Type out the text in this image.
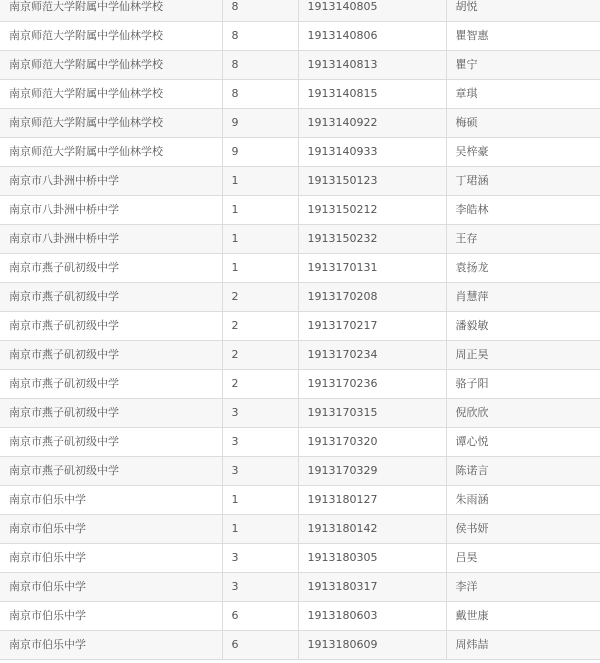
南京师范大学附属中学仙林学校	8	1913140805	胡悦
南京师范大学附属中学仙林学校	8	1913140806	瞿智惠
南京师范大学附属中学仙林学校	8	1913140813	瞿宁
南京师范大学附属中学仙林学校	8	1913140815	章琪
南京师范大学附属中学仙林学校	9	1913140922	梅硕
南京师范大学附属中学仙林学校	9	1913140933	吴梓豪
南京市八卦洲中桥中学	1	1913150123	丁珺涵
南京市八卦洲中桥中学	1	1913150212	李皓林
南京市八卦洲中桥中学	1	1913150232	王存
南京市燕子矶初级中学	1	1913170131	袁扬龙
南京市燕子矶初级中学	2	1913170208	肖慧萍
南京市燕子矶初级中学	2	1913170217	潘毅敏
南京市燕子矶初级中学	2	1913170234	周正昊
南京市燕子矶初级中学	2	1913170236	骆子阳
南京市燕子矶初级中学	3	1913170315	倪欣欣
南京市燕子矶初级中学	3	1913170320	谭心悦
南京市燕子矶初级中学	3	1913170329	陈诺言
南京市伯乐中学	1	1913180127	朱雨涵
南京市伯乐中学	1	1913180142	侯书妍
南京市伯乐中学	3	1913180305	吕昊
南京市伯乐中学	3	1913180317	李洋
南京市伯乐中学	6	1913180603	戴世康
南京市伯乐中学	6	1913180609	周炜喆
